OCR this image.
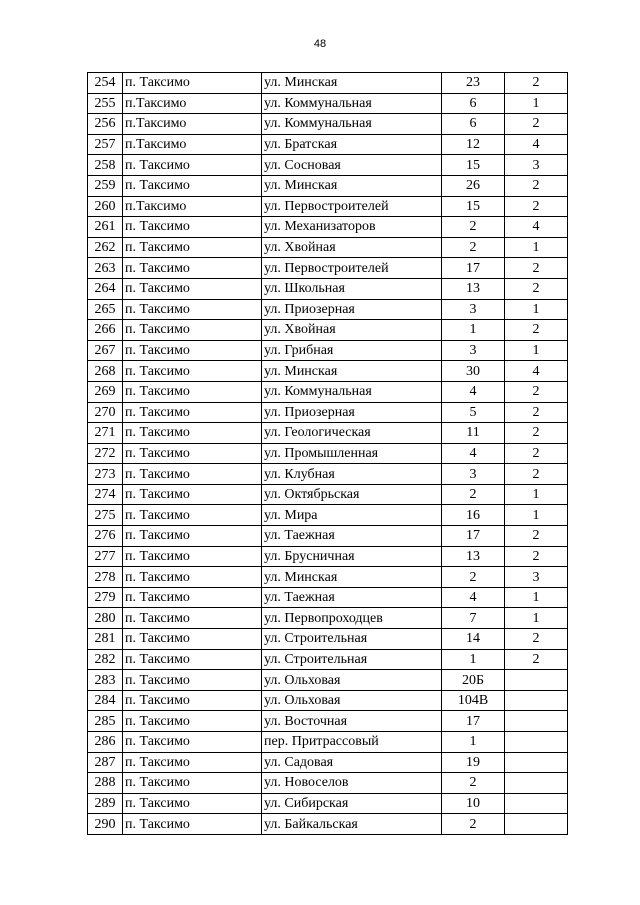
48
254	п. Таксимо	ул. Минская	23	2
255	п.Таксимо	ул. Коммунальная	6	1
256	п.Таксимо	ул. Коммунальная	6	2
257	п.Таксимо	ул. Братская	12	4
258	п. Таксимо	ул. Сосновая	15	3
259	п. Таксимо	ул. Минская	26	2
260	п.Таксимо	ул. Первостроителей	15	2
261	п. Таксимо	ул. Механизаторов	2	4
262	п. Таксимо	ул. Хвойная	2	1
263	п. Таксимо	ул. Первостроителей	17	2
264	п. Таксимо	ул. Школьная	13	2
265	п. Таксимо	ул. Приозерная	3	1
266	п. Таксимо	ул. Хвойная	1	2
267	п. Таксимо	ул. Грибная	3	1
268	п. Таксимо	ул. Минская	30	4
269	п. Таксимо	ул. Коммунальная	4	2
270	п. Таксимо	ул. Приозерная	5	2
271	п. Таксимо	ул. Геологическая	11	2
272	п. Таксимо	ул. Промышленная	4	2
273	п. Таксимо	ул. Клубная	3	2
274	п. Таксимо	ул. Октябрьская	2	1
275	п. Таксимо	ул. Мира	16	1
276	п. Таксимо	ул. Таежная	17	2
277	п. Таксимо	ул. Брусничная	13	2
278	п. Таксимо	ул. Минская	2	3
279	п. Таксимо	ул. Таежная	4	1
280	п. Таксимо	ул. Первопроходцев	7	1
281	п. Таксимо	ул. Строительная	14	2
282	п. Таксимо	ул. Строительная	1	2
283	п. Таксимо	ул. Ольховая	20Б	
284	п. Таксимо	ул. Ольховая	104В	
285	п. Таксимо	ул. Восточная	17	
286	п. Таксимо	пер. Притрассовый	1	
287	п. Таксимо	ул. Садовая	19	
288	п. Таксимо	ул. Новоселов	2	
289	п. Таксимо	ул. Сибирская	10	
290	п. Таксимо	ул. Байкальская	2	
